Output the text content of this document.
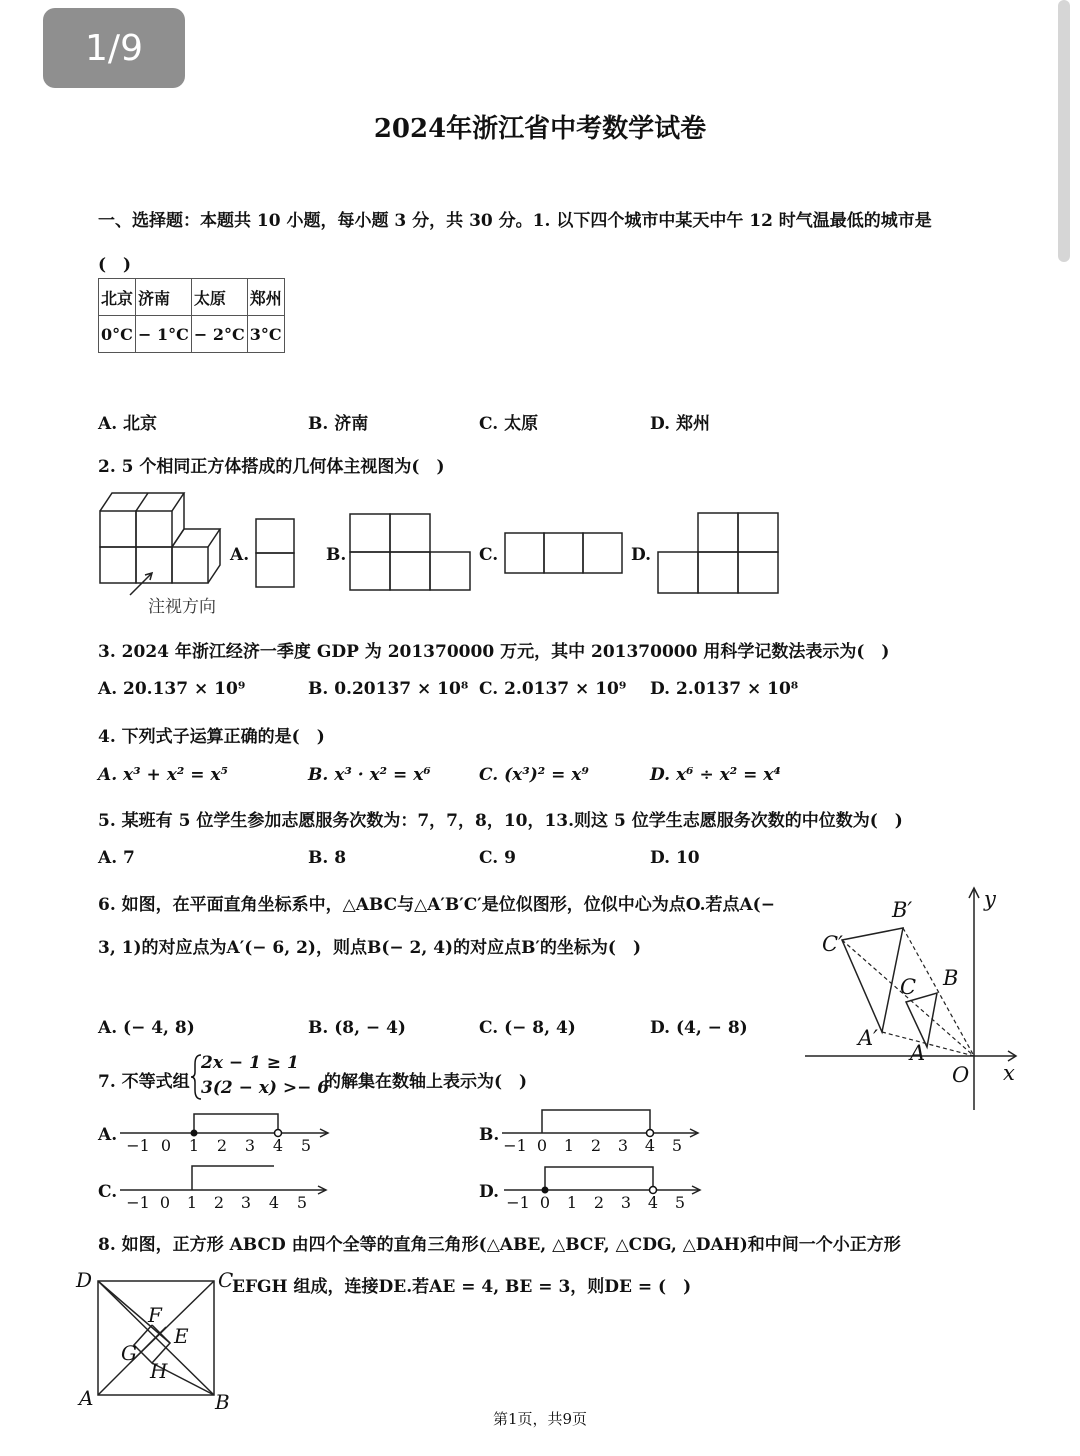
1/9
2024年浙江省中考数学试卷
一、选择题：本题共 10 小题，每小题 3 分，共 30 分。1. 以下四个城市中某天中午 12 时气温最低的城市是
(　)
北京	济南	太原	郑州
0°C	− 1°C	− 2°C	3°C
A. 北京	B. 济南	C. 太原	D. 郑州
2. 5 个相同正方体搭成的几何体主视图为(　)
A.	B.	C.	D.
注视方向
3. 2024 年浙江经济一季度 GDP 为 201370000 万元，其中 201370000 用科学记数法表示为(　)
A. 20.137 × 10⁹	B. 0.20137 × 10⁸ C. 2.0137 × 10⁹ D. 2.0137 × 10⁸
4. 下列式子运算正确的是(　)
A. x³ + x² = x⁵	B. x³ · x² = x⁶	C. (x³)² = x⁹	D. x⁶ ÷ x² = x⁴
5. 某班有 5 位学生参加志愿服务次数为：7，7，8，10，13.则这 5 位学生志愿服务次数的中位数为(　)
A. 7	B. 8	C. 9	D. 10
6. 如图，在平面直角坐标系中，△ABC与△A′B′C′是位似图形，位似中心为点O.若点A(−
3, 1)的对应点为A′(− 6, 2)，则点B(− 2, 4)的对应点B′的坐标为(　)
A. (− 4, 8)	B. (8, − 4)	C. (− 8, 4)	D. (4, − 8)
B′
C′
C B
A′
A
O x
y
7. 不等式组
2x − 1 ≥ 1
3(2 − x) >− 6
的解集在数轴上表示为(　)
A.	B.
C.	D.
−1 0 1 2 3 4 5	−1 0 1 2 3 4 5
−1 0 1 2 3 4 5	−1 0 1 2 3 4 5
8. 如图，正方形 ABCD 由四个全等的直角三角形(△ABE, △BCF, △CDG, △DAH)和中间一个小正方形
EFGH 组成，连接DE.若AE = 4, BE = 3，则DE = (　)
D	C
F
E
G
H
A	B
第1页，共9页
